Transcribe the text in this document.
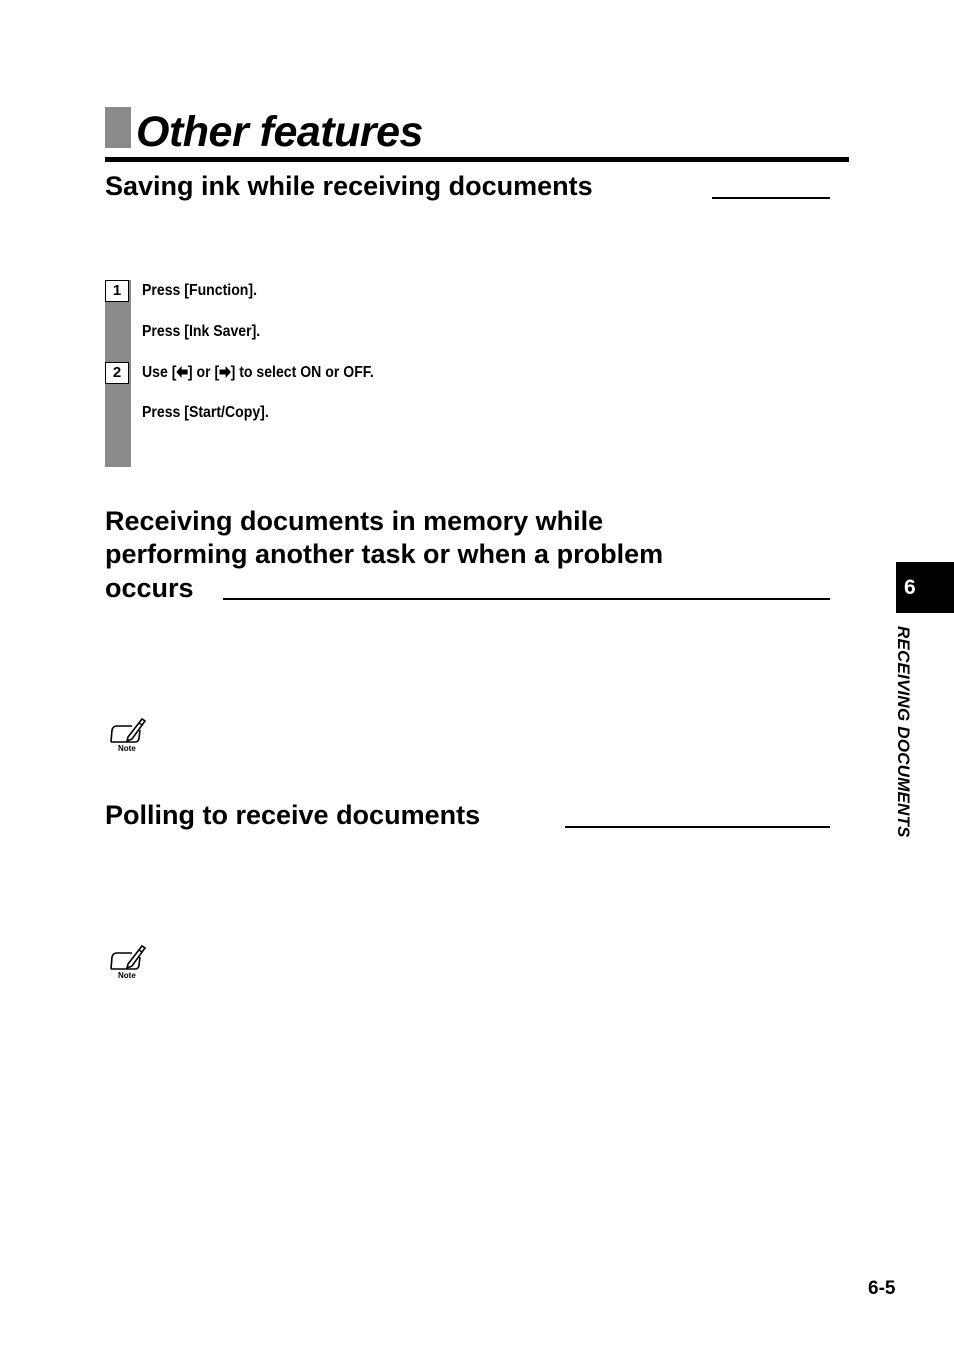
Other features
Saving ink while receiving documents
1	Press [Function].
Press [Ink Saver].
2	Use [ ] or [ ] to select ON or OFF.
Press [Start/Copy].
Receiving documents in memory while
performing another task or when a problem
occurs
Note
Polling to receive documents
Note
6
RECEIVING DOCUMENTS
6-5
